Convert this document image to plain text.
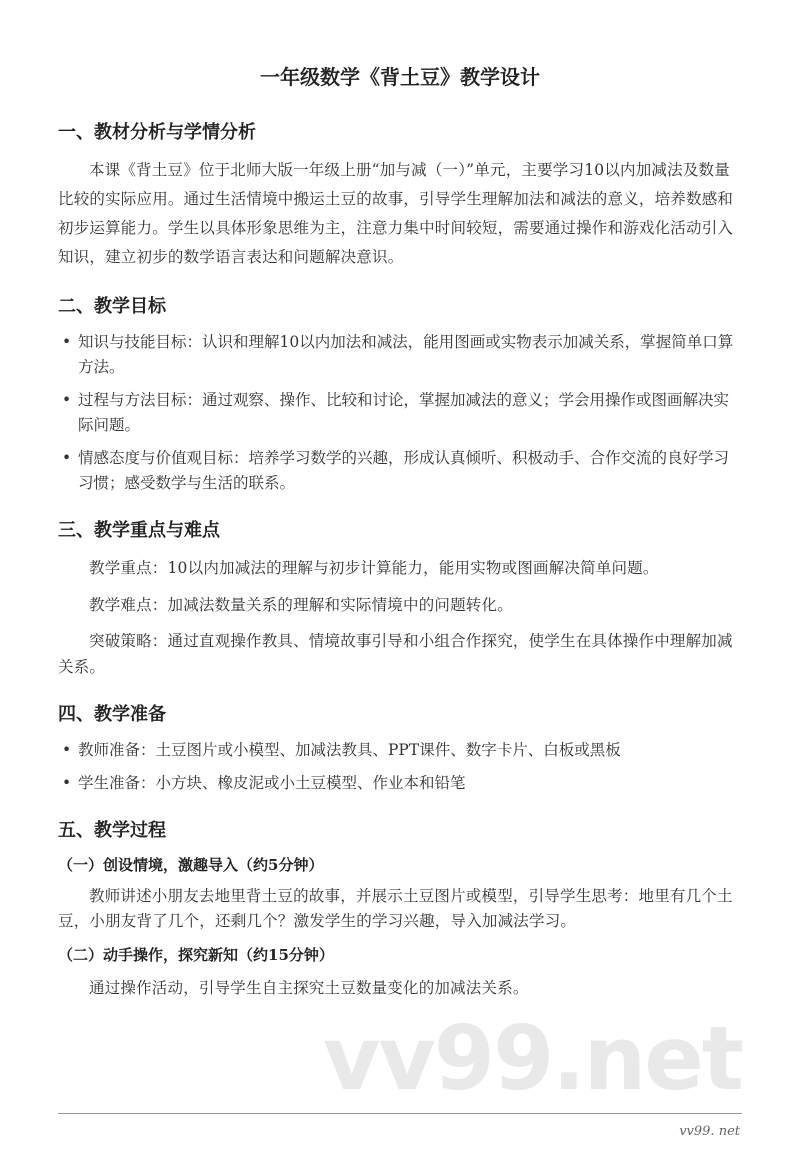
一年级数学《背土豆》教学设计
一、教材分析与学情分析
本课《背土豆》位于北师大版一年级上册“加与减（一）”单元，主要学习10以内加减法及数量比较的实际应用。通过生活情境中搬运土豆的故事，引导学生理解加法和减法的意义，培养数感和初步运算能力。学生以具体形象思维为主，注意力集中时间较短，需要通过操作和游戏化活动引入知识，建立初步的数学语言表达和问题解决意识。
二、教学目标
• 知识与技能目标：认识和理解10以内加法和减法，能用图画或实物表示加减关系，掌握简单口算方法。
• 过程与方法目标：通过观察、操作、比较和讨论，掌握加减法的意义；学会用操作或图画解决实际问题。
• 情感态度与价值观目标：培养学习数学的兴趣，形成认真倾听、积极动手、合作交流的良好学习习惯；感受数学与生活的联系。
三、教学重点与难点
教学重点：10以内加减法的理解与初步计算能力，能用实物或图画解决简单问题。
教学难点：加减法数量关系的理解和实际情境中的问题转化。
突破策略：通过直观操作教具、情境故事引导和小组合作探究，使学生在具体操作中理解加减关系。
四、教学准备
• 教师准备：土豆图片或小模型、加减法教具、PPT课件、数字卡片、白板或黑板
• 学生准备：小方块、橡皮泥或小土豆模型、作业本和铅笔
五、教学过程
（一）创设情境，激趣导入（约5分钟）
教师讲述小朋友去地里背土豆的故事，并展示土豆图片或模型，引导学生思考：地里有几个土豆，小朋友背了几个，还剩几个？激发学生的学习兴趣，导入加减法学习。
（二）动手操作，探究新知（约15分钟）
通过操作活动，引导学生自主探究土豆数量变化的加减法关系。
vv99.net
vv99. net
